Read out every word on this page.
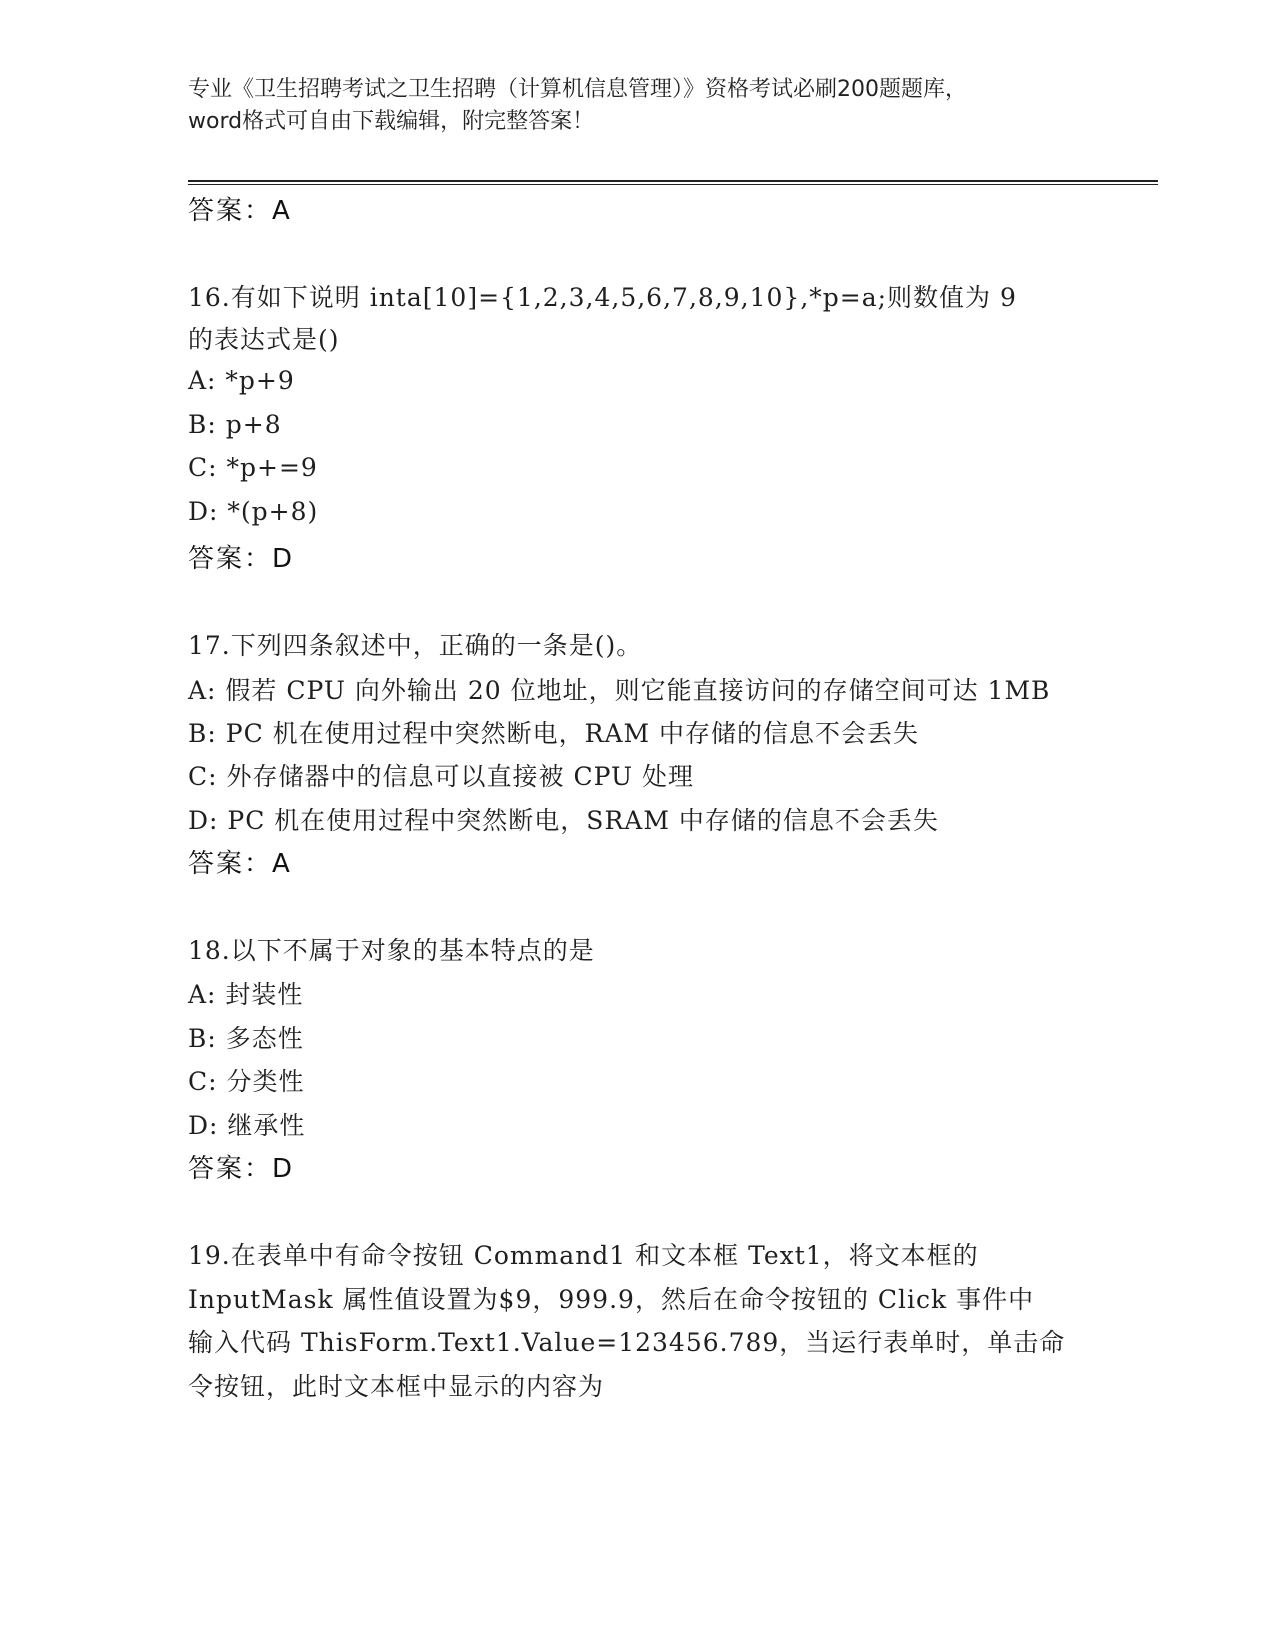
专业《卫生招聘考试之卫生招聘（计算机信息管理）》资格考试必刷200题题库，
word格式可自由下载编辑，附完整答案！
答案：A
16.有如下说明 inta[10]={1,2,3,4,5,6,7,8,9,10},*p=a;则数值为 9
的表达式是()
A: *p+9
B: p+8
C: *p+=9
D: *(p+8)
答案：D
17.下列四条叙述中，正确的一条是()。
A: 假若 CPU 向外输出 20 位地址，则它能直接访问的存储空间可达 1MB
B: PC 机在使用过程中突然断电，RAM 中存储的信息不会丢失
C: 外存储器中的信息可以直接被 CPU 处理
D: PC 机在使用过程中突然断电，SRAM 中存储的信息不会丢失
答案：A
18.以下不属于对象的基本特点的是
A: 封装性
B: 多态性
C: 分类性
D: 继承性
答案：D
19.在表单中有命令按钮 Command1 和文本框 Text1，将文本框的
InputMask 属性值设置为$9，999.9，然后在命令按钮的 Click 事件中
输入代码 ThisForm.Text1.Value=123456.789，当运行表单时，单击命
令按钮，此时文本框中显示的内容为
